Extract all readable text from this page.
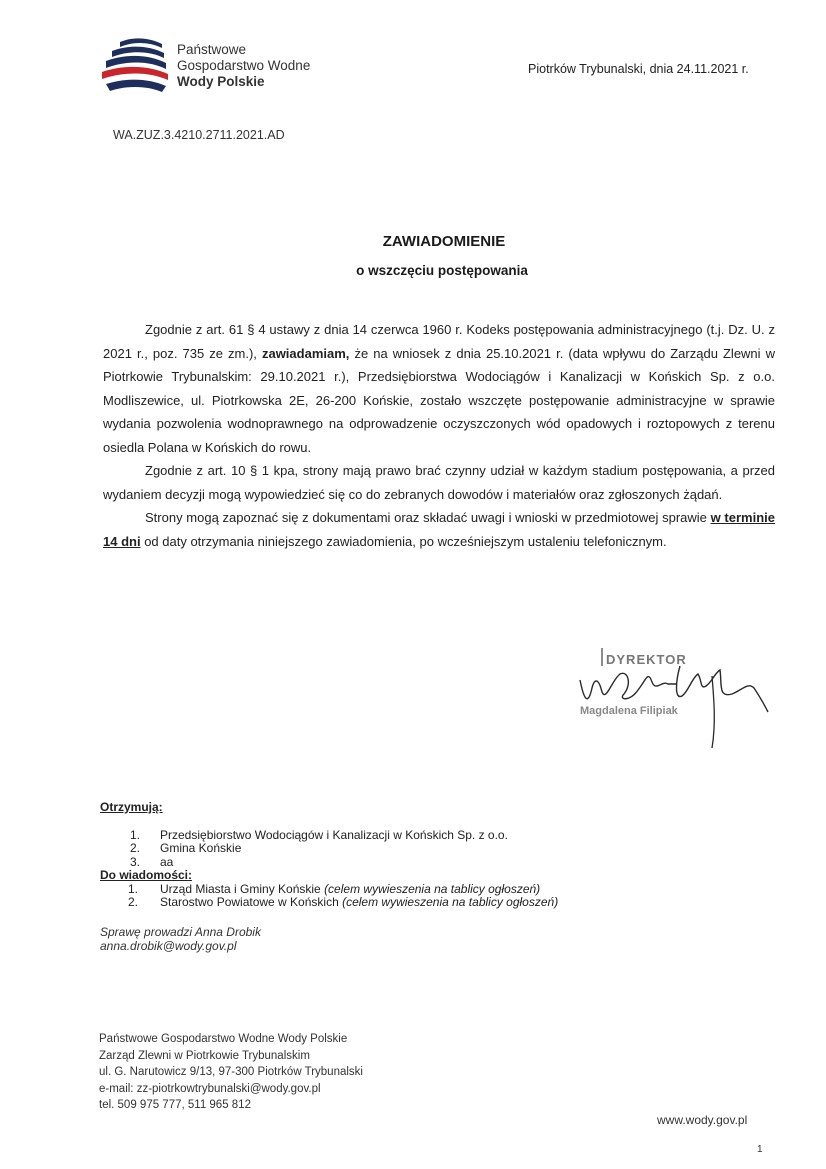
Państwowe
Gospodarstwo Wodne
Wody Polskie
Piotrków Trybunalski, dnia 24.11.2021 r.
WA.ZUZ.3.4210.2711.2021.AD
ZAWIADOMIENIE
o wszczęciu postępowania

Zgodnie z art. 61 § 4 ustawy z dnia 14 czerwca 1960 r. Kodeks postępowania administracyjnego (t.j. Dz. U. z 2021 r., poz. 735 ze zm.), zawiadamiam, że na wniosek z dnia 25.10.2021 r. (data wpływu do Zarządu Zlewni w Piotrkowie Trybunalskim: 29.10.2021 r.), Przedsiębiorstwa Wodociągów i Kanalizacji w Końskich Sp. z o.o. Modliszewice, ul. Piotrkowska 2E, 26-200 Końskie, zostało wszczęte postępowanie administracyjne w sprawie wydania pozwolenia wodnoprawnego na odprowadzenie oczyszczonych wód opadowych i roztopowych z terenu osiedla Polana w Końskich do rowu.

Zgodnie z art. 10 § 1 kpa, strony mają prawo brać czynny udział w każdym stadium postępowania, a przed wydaniem decyzji mogą wypowiedzieć się co do zebranych dowodów i materiałów oraz zgłoszonych żądań.

Strony mogą zapoznać się z dokumentami oraz składać uwagi i wnioski w przedmiotowej sprawie w terminie 14 dni od daty otrzymania niniejszego zawiadomienia, po wcześniejszym ustaleniu telefonicznym.

DYREKTOR
Magdalena Filipiak
Otrzymują:
1. Przedsiębiorstwo Wodociągów i Kanalizacji w Końskich Sp. z o.o.
2. Gmina Końskie
3. aa
Do wiadomości:
1. Urząd Miasta i Gminy Końskie (celem wywieszenia na tablicy ogłoszeń)
2. Starostwo Powiatowe w Końskich (celem wywieszenia na tablicy ogłoszeń)
Sprawę prowadzi Anna Drobik
anna.drobik@wody.gov.pl
Państwowe Gospodarstwo Wodne Wody Polskie
Zarząd Zlewni w Piotrkowie Trybunalskim
ul. G. Narutowicz 9/13, 97-300 Piotrków Trybunalski
e-mail: zz-piotrkowtrybunalski@wody.gov.pl
tel. 509 975 777, 511 965 812
www.wody.gov.pl
1
